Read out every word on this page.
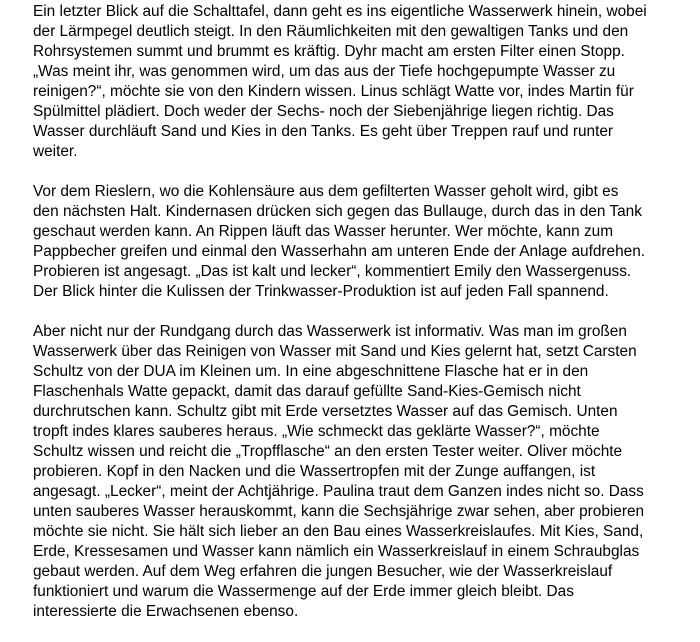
Ein letzter Blick auf die Schalttafel, dann geht es ins eigentliche Wasserwerk hinein, wobei
der Lärmpegel deutlich steigt. In den Räumlichkeiten mit den gewaltigen Tanks und den
Rohrsystemen summt und brummt es kräftig. Dyhr macht am ersten Filter einen Stopp.
„Was meint ihr, was genommen wird, um das aus der Tiefe hochgepumpte Wasser zu
reinigen?“, möchte sie von den Kindern wissen. Linus schlägt Watte vor, indes Martin für
Spülmittel plädiert. Doch weder der Sechs- noch der Siebenjährige liegen richtig. Das
Wasser durchläuft Sand und Kies in den Tanks. Es geht über Treppen rauf und runter
weiter.
Vor dem Rieslern, wo die Kohlensäure aus dem gefilterten Wasser geholt wird, gibt es
den nächsten Halt. Kindernasen drücken sich gegen das Bullauge, durch das in den Tank
geschaut werden kann. An Rippen läuft das Wasser herunter. Wer möchte, kann zum
Pappbecher greifen und einmal den Wasserhahn am unteren Ende der Anlage aufdrehen.
Probieren ist angesagt. „Das ist kalt und lecker“, kommentiert Emily den Wassergenuss.
Der Blick hinter die Kulissen der Trinkwasser-Produktion ist auf jeden Fall spannend.
Aber nicht nur der Rundgang durch das Wasserwerk ist informativ. Was man im großen
Wasserwerk über das Reinigen von Wasser mit Sand und Kies gelernt hat, setzt Carsten
Schultz von der DUA im Kleinen um. In eine abgeschnittene Flasche hat er in den
Flaschenhals Watte gepackt, damit das darauf gefüllte Sand-Kies-Gemisch nicht
durchrutschen kann. Schultz gibt mit Erde versetztes Wasser auf das Gemisch. Unten
tropft indes klares sauberes heraus. „Wie schmeckt das geklärte Wasser?“, möchte
Schultz wissen und reicht die „Tropfflasche“ an den ersten Tester weiter. Oliver möchte
probieren. Kopf in den Nacken und die Wassertropfen mit der Zunge auffangen, ist
angesagt. „Lecker“, meint der Achtjährige. Paulina traut dem Ganzen indes nicht so. Dass
unten sauberes Wasser herauskommt, kann die Sechsjährige zwar sehen, aber probieren
möchte sie nicht. Sie hält sich lieber an den Bau eines Wasserkreislaufes. Mit Kies, Sand,
Erde, Kressesamen und Wasser kann nämlich ein Wasserkreislauf in einem Schraubglas
gebaut werden. Auf dem Weg erfahren die jungen Besucher, wie der Wasserkreislauf
funktioniert und warum die Wassermenge auf der Erde immer gleich bleibt. Das
interessierte die Erwachsenen ebenso.
